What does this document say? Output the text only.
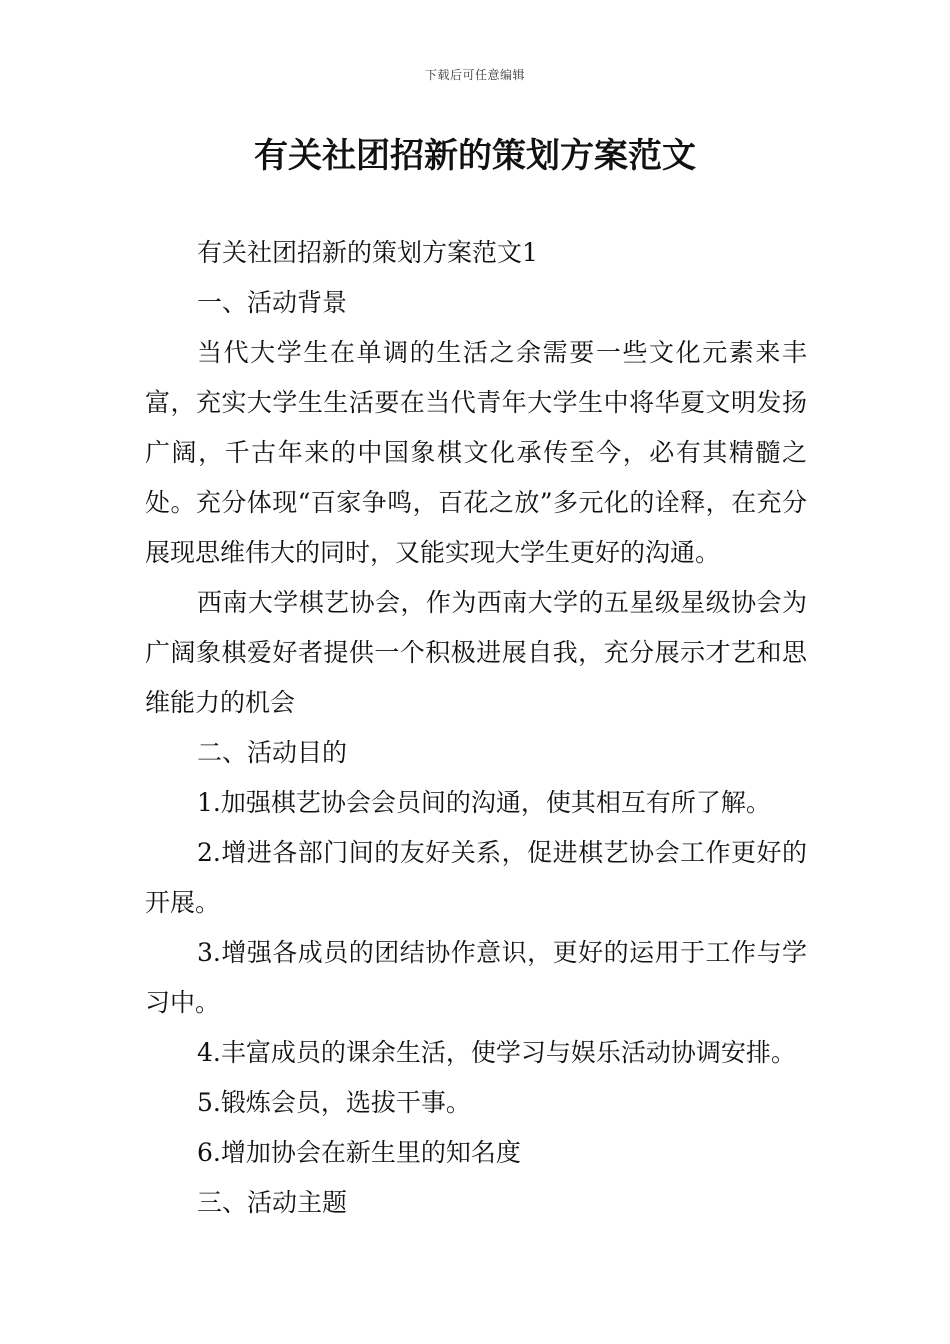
下载后可任意编辑
有关社团招新的策划方案范文

有关社团招新的策划方案范文1

一、活动背景

当代大学生在单调的生活之余需要一些文化元素来丰富，充实大学生生活要在当代青年大学生中将华夏文明发扬广阔，千古年来的中国象棋文化承传至今，必有其精髓之处。充分体现“百家争鸣，百花之放”多元化的诠释，在充分展现思维伟大的同时，又能实现大学生更好的沟通。

西南大学棋艺协会，作为西南大学的五星级星级协会为广阔象棋爱好者提供一个积极进展自我，充分展示才艺和思维能力的机会

二、活动目的

1.加强棋艺协会会员间的沟通，使其相互有所了解。

2.增进各部门间的友好关系，促进棋艺协会工作更好的开展。

3.增强各成员的团结协作意识，更好的运用于工作与学习中。

4.丰富成员的课余生活，使学习与娱乐活动协调安排。

5.锻炼会员，选拔干事。

6.增加协会在新生里的知名度

三、活动主题
